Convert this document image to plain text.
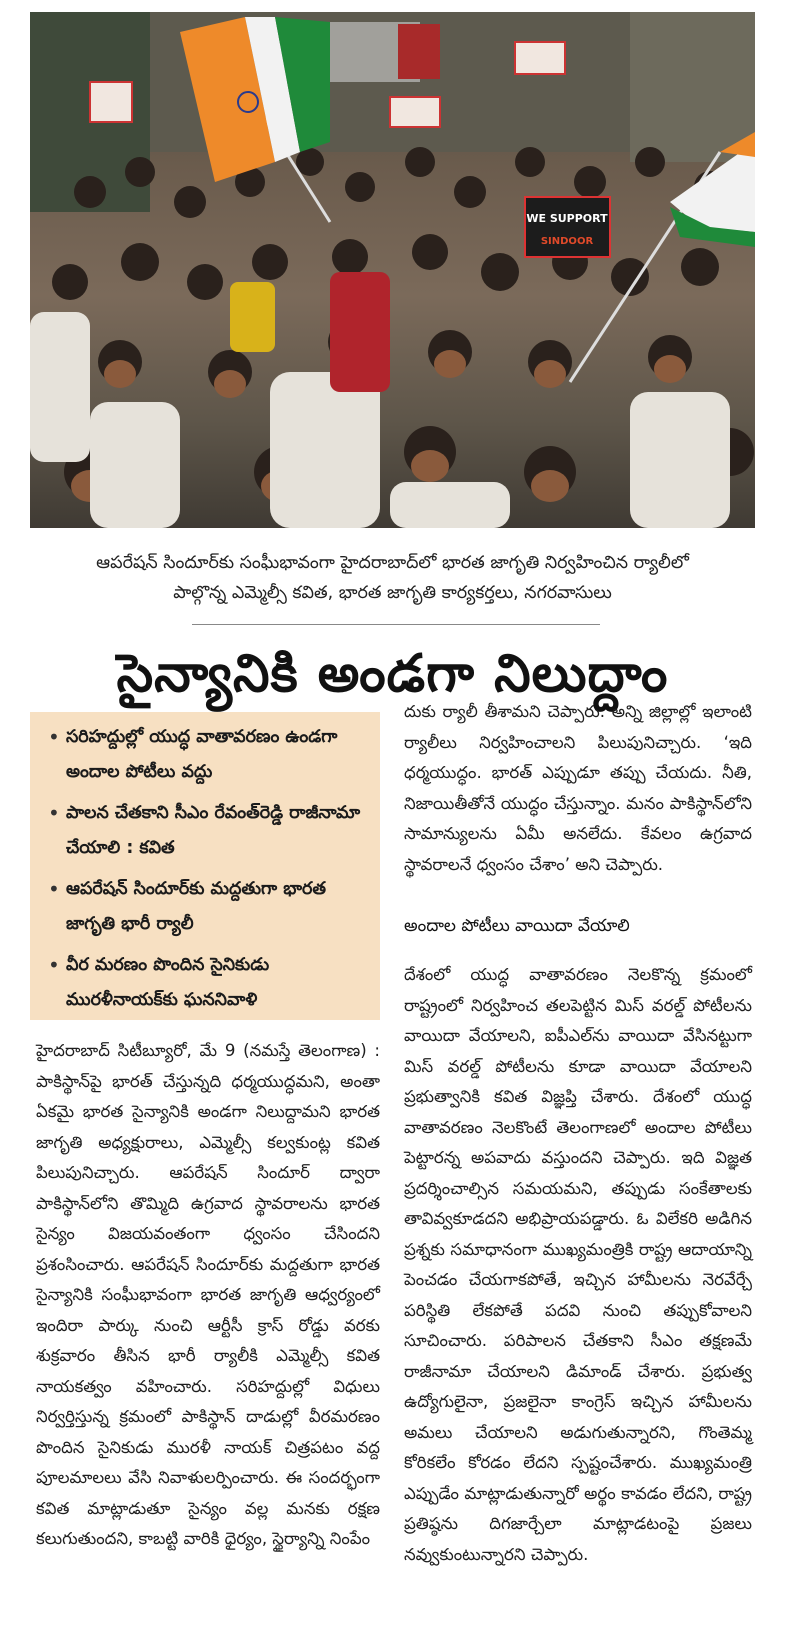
WE SUPPORT
SINDOOR
ఆపరేషన్ సిందూర్‌కు సంఘీభావంగా హైదరాబాద్‌లో భారత జాగృతి నిర్వహించిన ర్యాలీలో
పాల్గొన్న ఎమ్మెల్సీ కవిత, భారత జాగృతి కార్యకర్తలు, నగరవాసులు
సైన్యానికి అండగా నిలుద్దాం
• సరిహద్దుల్లో యుద్ధ వాతావరణం ఉండగా అందాల పోటీలు వద్దు
• పాలన చేతకాని సీఎం రేవంత్‌రెడ్డి రాజీనామా చేయాలి : కవిత
• ఆపరేషన్ సిందూర్‌కు మద్దతుగా భారత జాగృతి భారీ ర్యాలీ
• వీర మరణం పొందిన సైనికుడు మురళీనాయక్‌కు ఘననివాళి

హైదరాబాద్ సిటీబ్యూరో, మే 9 (నమస్తే తెలంగాణ) : పాకిస్థాన్‌పై భారత్ చేస్తున్నది ధర్మయుద్ధమని, అంతా ఏకమై భారత సైన్యానికి అండగా నిలుద్దామని భారత జాగృతి అధ్యక్షురాలు, ఎమ్మెల్సీ కల్వకుంట్ల కవిత పిలుపునిచ్చారు. ఆపరేషన్ సిందూర్ ద్వారా పాకిస్థాన్‌లోని తొమ్మిది ఉగ్రవాద స్థావరాలను భారత సైన్యం విజయవంతంగా ధ్వంసం చేసిందని ప్రశంసించారు. ఆపరేషన్ సిందూర్‌కు మద్దతుగా భారత సైన్యానికి సంఘీభావంగా భారత జాగృతి ఆధ్వర్యంలో ఇందిరా పార్కు నుంచి ఆర్టీసీ క్రాస్ రోడ్డు వరకు శుక్రవారం తీసిన భారీ ర్యాలీకి ఎమ్మెల్సీ కవిత నాయకత్వం వహించారు. సరిహద్దుల్లో విధులు నిర్వర్తిస్తున్న క్రమంలో పాకిస్థాన్ దాడుల్లో వీరమరణం పొందిన సైనికుడు మురళీ నాయక్ చిత్రపటం వద్ద పూలమాలలు వేసి నివాళులర్పించారు. ఈ సందర్భంగా కవిత మాట్లాడుతూ సైన్యం వల్ల మనకు రక్షణ కలుగుతుందని, కాబట్టి వారికి ధైర్యం, స్థైర్యాన్ని నింపేం

దుకు ర్యాలీ తీశామని చెప్పారు. అన్ని జిల్లాల్లో ఇలాంటి ర్యాలీలు నిర్వహించాలని పిలుపునిచ్చారు. ‘ఇది ధర్మయుద్ధం. భారత్ ఎప్పుడూ తప్పు చేయదు. నీతి, నిజాయితీతోనే యుద్ధం చేస్తున్నాం. మనం పాకిస్థాన్‌లోని సామాన్యులను ఏమీ అనలేదు. కేవలం ఉగ్రవాద స్థావరాలనే ధ్వంసం చేశాం’ అని చెప్పారు.

అందాల పోటీలు వాయిదా వేయాలి

దేశంలో యుద్ధ వాతావరణం నెలకొన్న క్రమంలో రాష్ట్రంలో నిర్వహించ తలపెట్టిన మిస్ వరల్డ్ పోటీలను వాయిదా వేయాలని, ఐపీఎల్‌ను వాయిదా వేసినట్టుగా మిస్ వరల్డ్ పోటీలను కూడా వాయిదా వేయాలని ప్రభుత్వానికి కవిత విజ్ఞప్తి చేశారు. దేశంలో యుద్ధ వాతావరణం నెలకొంటే తెలంగాణలో అందాల పోటీలు పెట్టారన్న అపవాదు వస్తుందని చెప్పారు. ఇది విజ్ఞత ప్రదర్శించాల్సిన సమయమని, తప్పుడు సంకేతాలకు తావివ్వకూడదని అభిప్రాయపడ్డారు. ఓ విలేకరి అడిగిన ప్రశ్నకు సమాధానంగా ముఖ్యమంత్రికి రాష్ట్ర ఆదాయాన్ని పెంచడం చేయగాకపోతే, ఇచ్చిన హామీలను నెరవేర్చే పరిస్థితి లేకపోతే పదవి నుంచి తప్పుకోవాలని సూచించారు. పరిపాలన చేతకాని సీఎం తక్షణమే రాజీనామా చేయాలని డిమాండ్ చేశారు. ప్రభుత్వ ఉద్యోగులైనా, ప్రజలైనా కాంగ్రెస్ ఇచ్చిన హామీలను అమలు చేయాలని అడుగుతున్నారని, గొంతెమ్మ కోరికలేం కోరడం లేదని స్పష్టంచేశారు. ముఖ్యమంత్రి ఎప్పుడేం మాట్లాడుతున్నారో అర్థం కావడం లేదని, రాష్ట్ర ప్రతిష్ఠను దిగజార్చేలా మాట్లాడటంపై ప్రజలు నవ్వుకుంటున్నారని చెప్పారు.
